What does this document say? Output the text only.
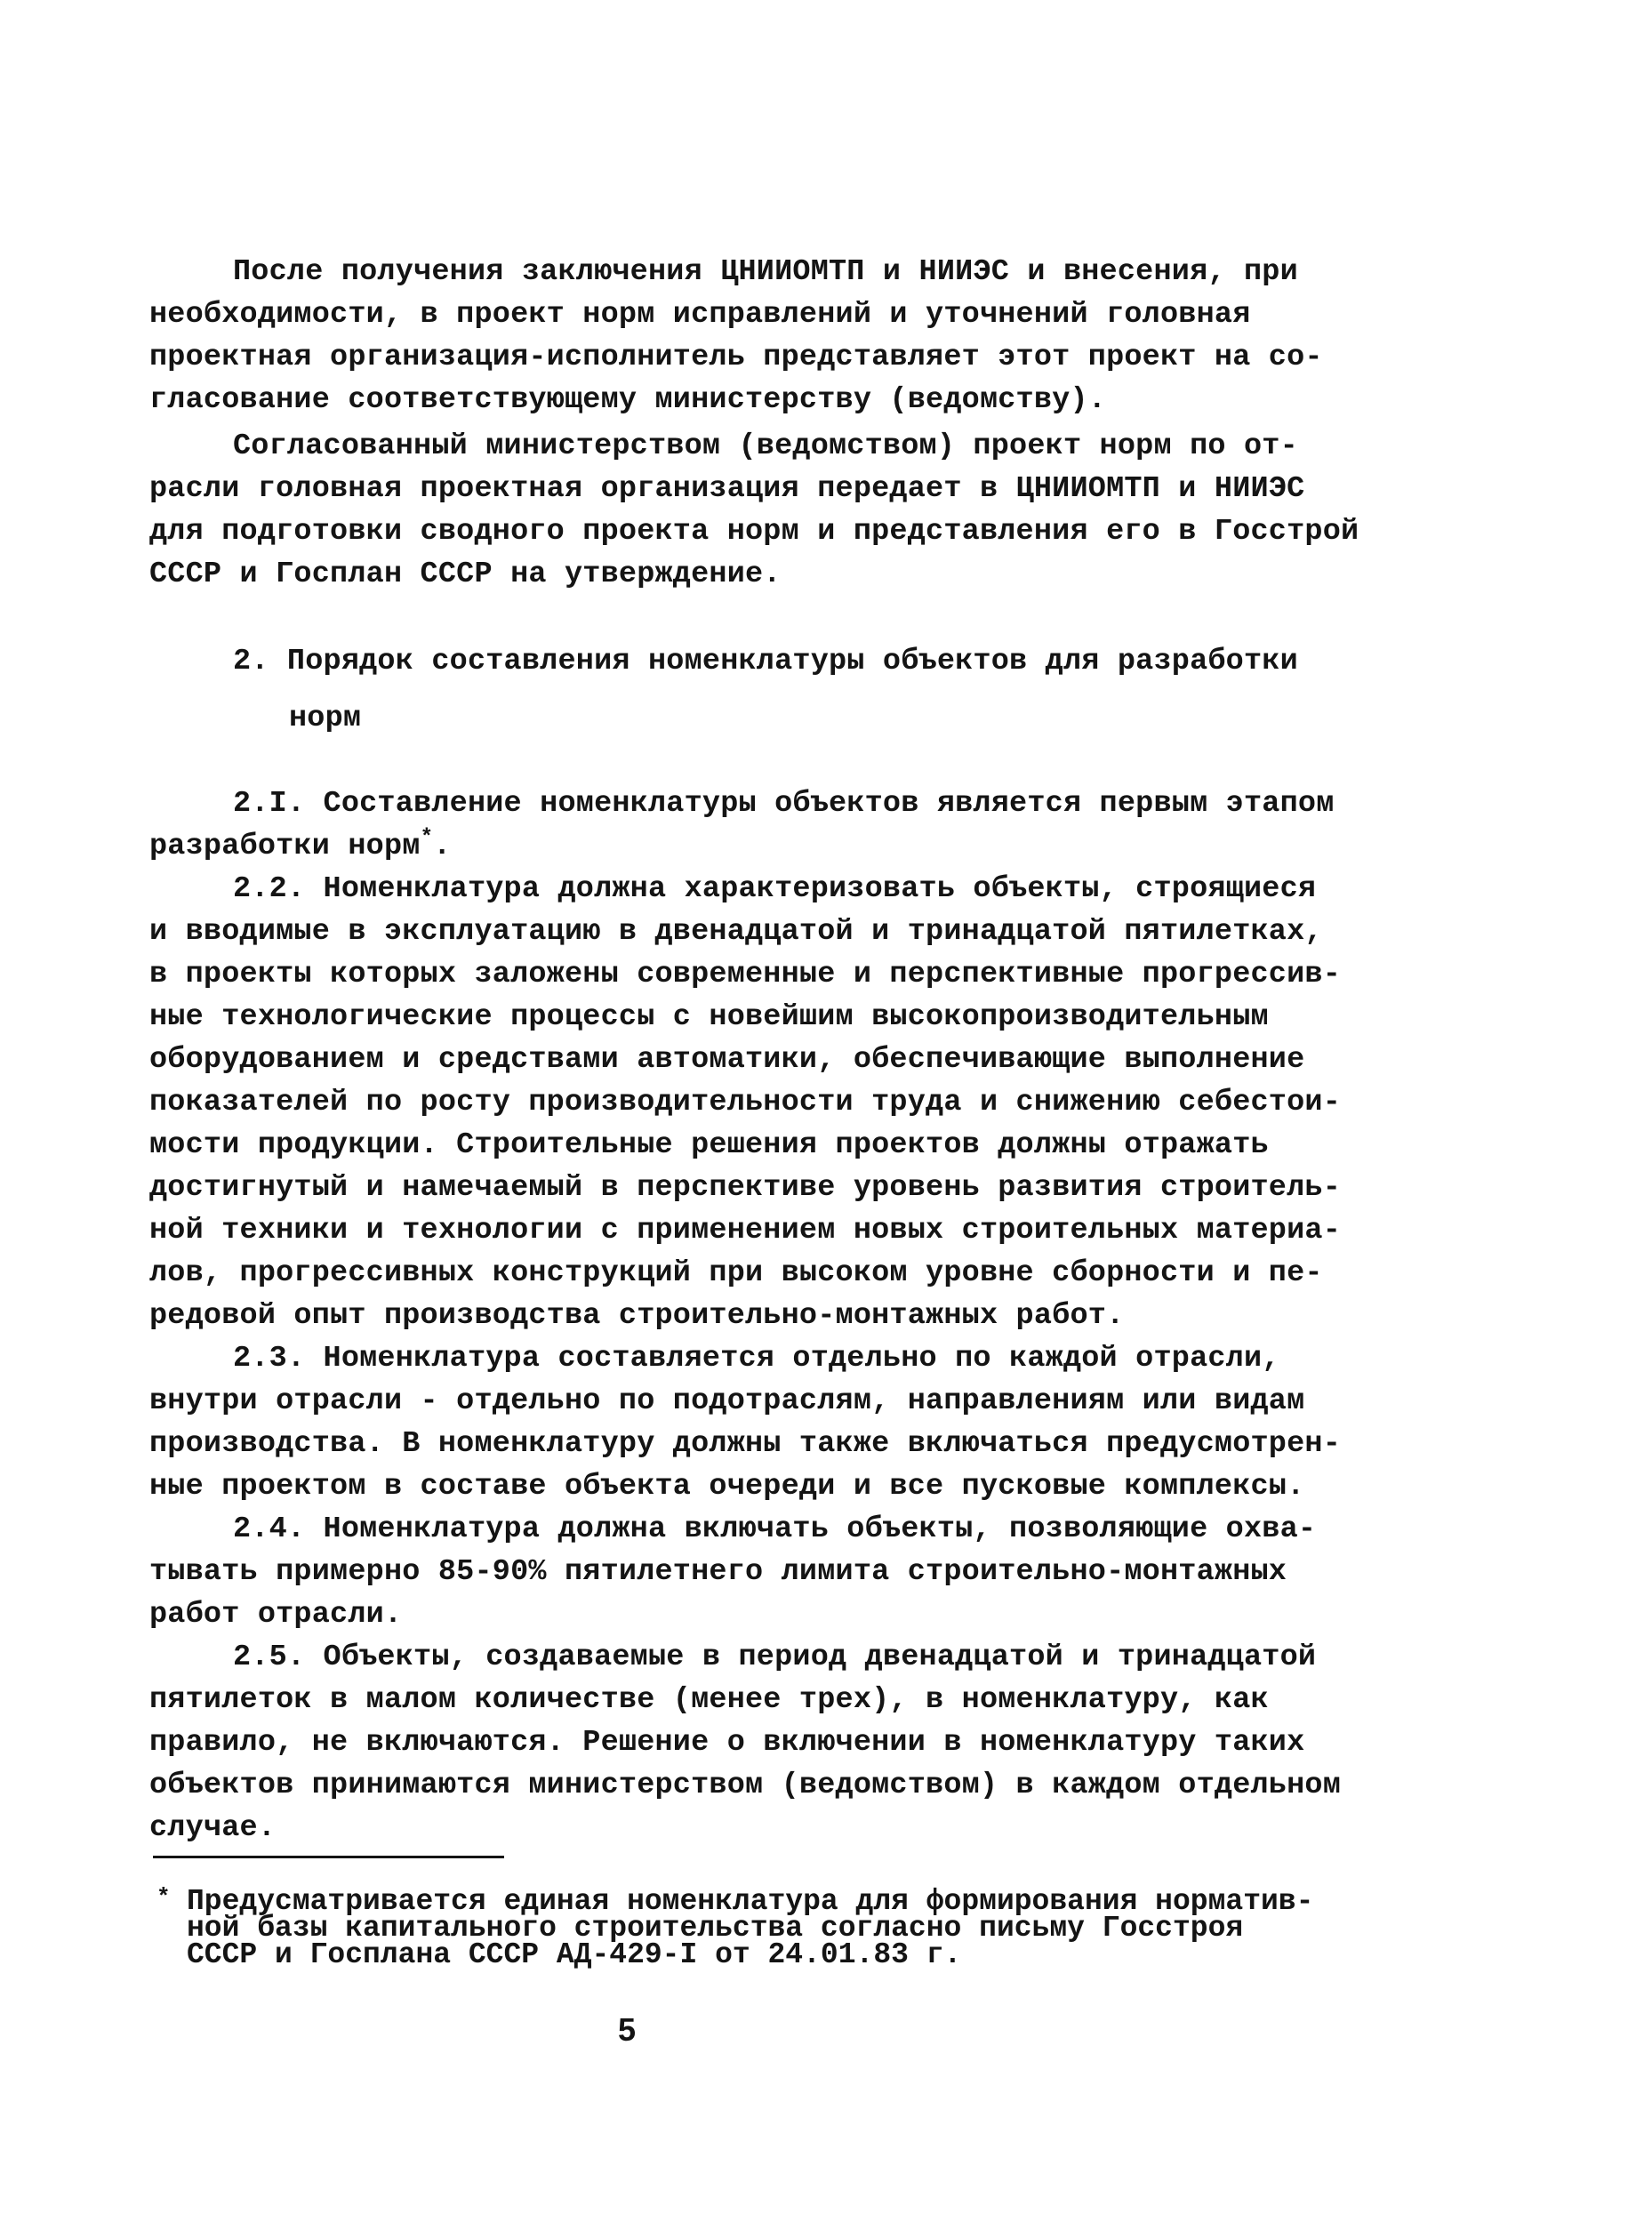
После получения заключения ЦНИИОМТП и НИИЭС и внесения, при
необходимости, в проект норм исправлений и уточнений головная
проектная организация-исполнитель представляет этот проект на со-
гласование соответствующему министерству (ведомству).
Согласованный министерством (ведомством) проект норм по от-
расли головная проектная организация передает в ЦНИИОМТП и НИИЭС
для подготовки сводного проекта норм и представления его в Госстрой
СССР и Госплан СССР на утверждение.
2. Порядок составления номенклатуры объектов для разработки
норм
2.I. Составление номенклатуры объектов является первым этапом
разработки норм*.
2.2. Номенклатура должна характеризовать объекты, строящиеся
и вводимые в эксплуатацию в двенадцатой и тринадцатой пятилетках,
в проекты которых заложены современные и перспективные прогрессив-
ные технологические процессы с новейшим высокопроизводительным
оборудованием и средствами автоматики, обеспечивающие выполнение
показателей по росту производительности труда и снижению себестои-
мости продукции. Строительные решения проектов должны отражать
достигнутый и намечаемый в перспективе уровень развития строитель-
ной техники и технологии с применением новых строительных материа-
лов, прогрессивных конструкций при высоком уровне сборности и пе-
редовой опыт производства строительно-монтажных работ.
2.3. Номенклатура составляется отдельно по каждой отрасли,
внутри отрасли - отдельно по подотраслям, направлениям или видам
производства. В номенклатуру должны также включаться предусмотрен-
ные проектом в составе объекта очереди и все пусковые комплексы.
2.4. Номенклатура должна включать объекты, позволяющие охва-
тывать примерно 85-90% пятилетнего лимита строительно-монтажных
работ отрасли.
2.5. Объекты, создаваемые в период двенадцатой и тринадцатой
пятилеток в малом количестве (менее трех), в номенклатуру, как
правило, не включаются. Решение о включении в номенклатуру таких
объектов принимаются министерством (ведомством) в каждом отдельном
случае.
* Предусматривается единая номенклатура для формирования норматив-
ной базы капитального строительства согласно письму Госстроя
СССР и Госплана СССР АД-429-I от 24.01.83 г.
5
